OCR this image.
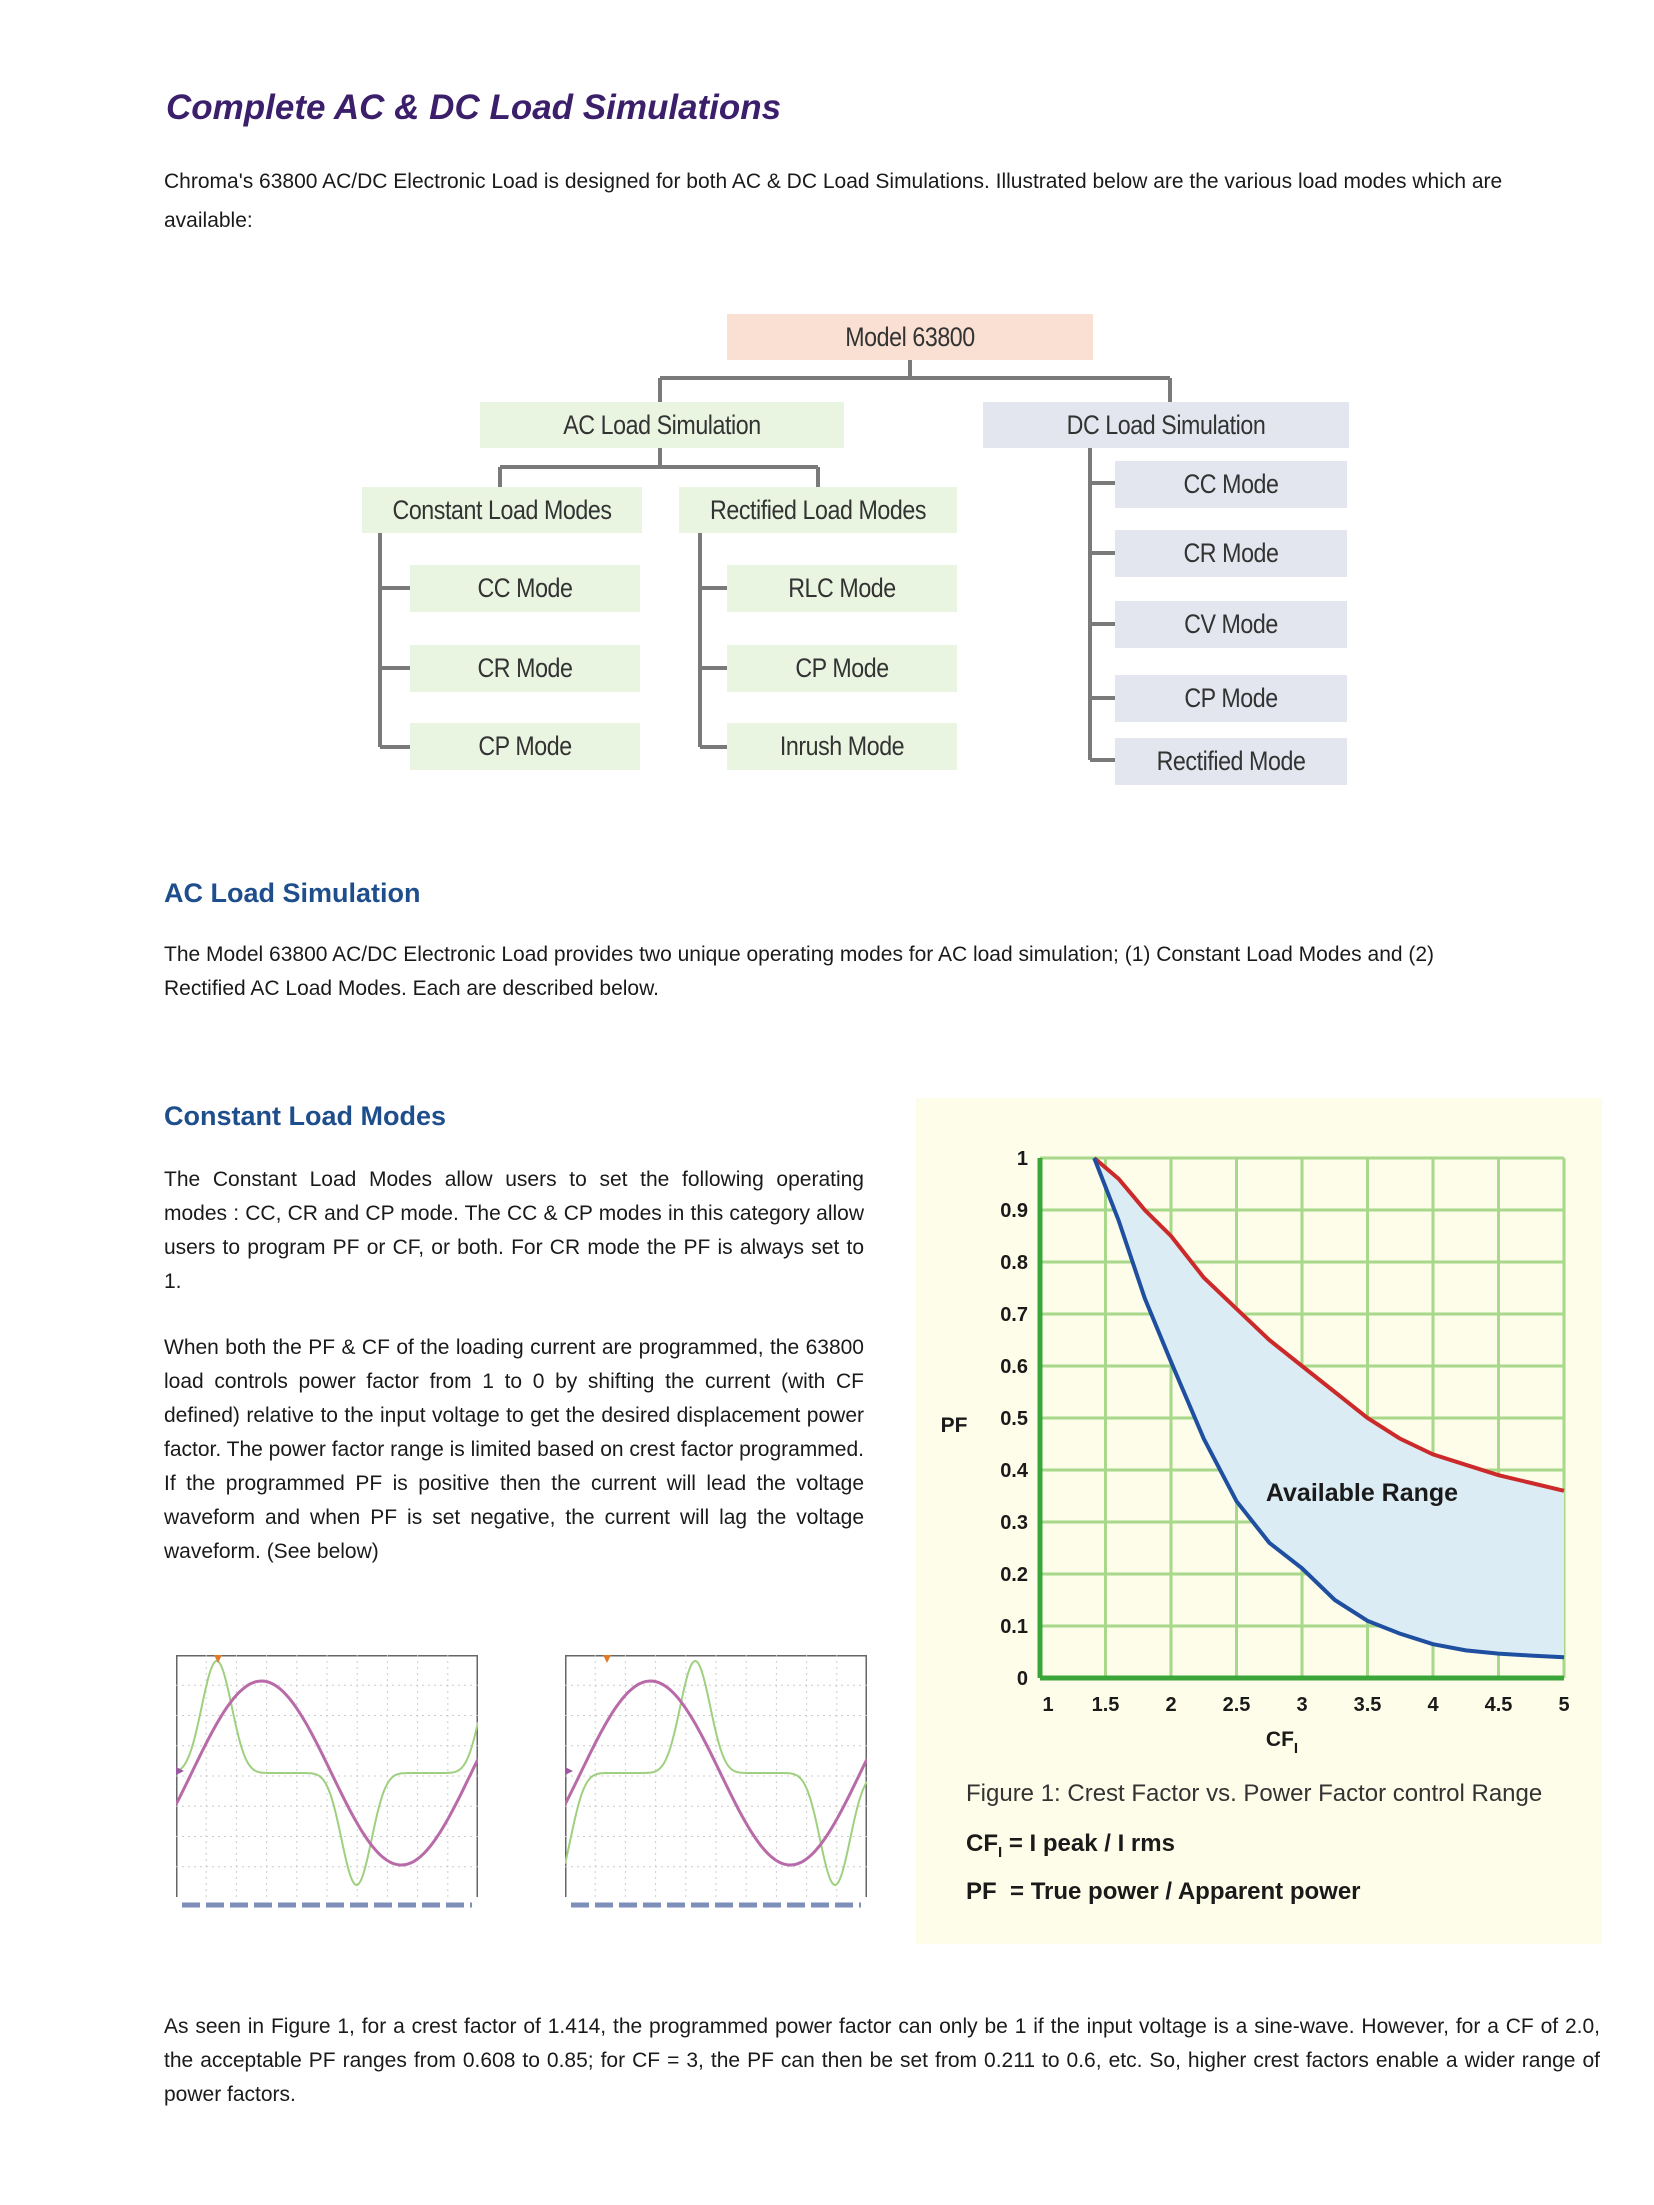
Complete AC & DC Load Simulations
Chroma's 63800 AC/DC Electronic Load is designed for both AC & DC Load Simulations. Illustrated below are the various load modes which are available:
Model 63800
AC Load Simulation	DC Load Simulation
Constant Load Modes	Rectified Load Modes
CC Mode
CR Mode
CP Mode
RLC Mode
CP Mode
Inrush Mode
CC Mode
CR Mode
CV Mode
CP Mode
Rectified Mode
AC Load Simulation
The Model 63800 AC/DC Electronic Load provides two unique operating modes for AC load simulation; (1) Constant Load Modes and (2) Rectified AC Load Modes. Each are described below.
Constant Load Modes
The Constant Load Modes allow users to set the following operating modes : CC, CR and CP mode. The CC & CP modes in this category allow users to program PF or CF, or both. For CR mode the PF is always set to 1.
When both the PF & CF of the loading current are programmed, the 63800 load controls power factor from 1 to 0 by shifting the current (with CF defined) relative to the input voltage to get the desired displacement power factor. The power factor range is limited based on crest factor programmed. If the programmed PF is positive then the current will lead the voltage waveform and when PF is set negative, the current will lag the voltage waveform. (See below)
0
0.1
0.2
0.3
0.4
0.5
0.6
0.7
0.8
0.9
1
1 1.5 2 2.5 3 3.5 4 4.5 5
PF
$CF_I$
Available Range
Figure 1: Crest Factor vs. Power Factor control Range
$CF_I = I$ peak / I rms
PF  = True power / Apparent power
As seen in Figure 1, for a crest factor of 1.414, the programmed power factor can only be 1 if the input voltage is a sine-wave. However, for a CF of 2.0, the acceptable PF ranges from 0.608 to 0.85; for CF = 3, the PF can then be set from 0.211 to 0.6, etc. So, higher crest factors enable a wider range of power factors.
